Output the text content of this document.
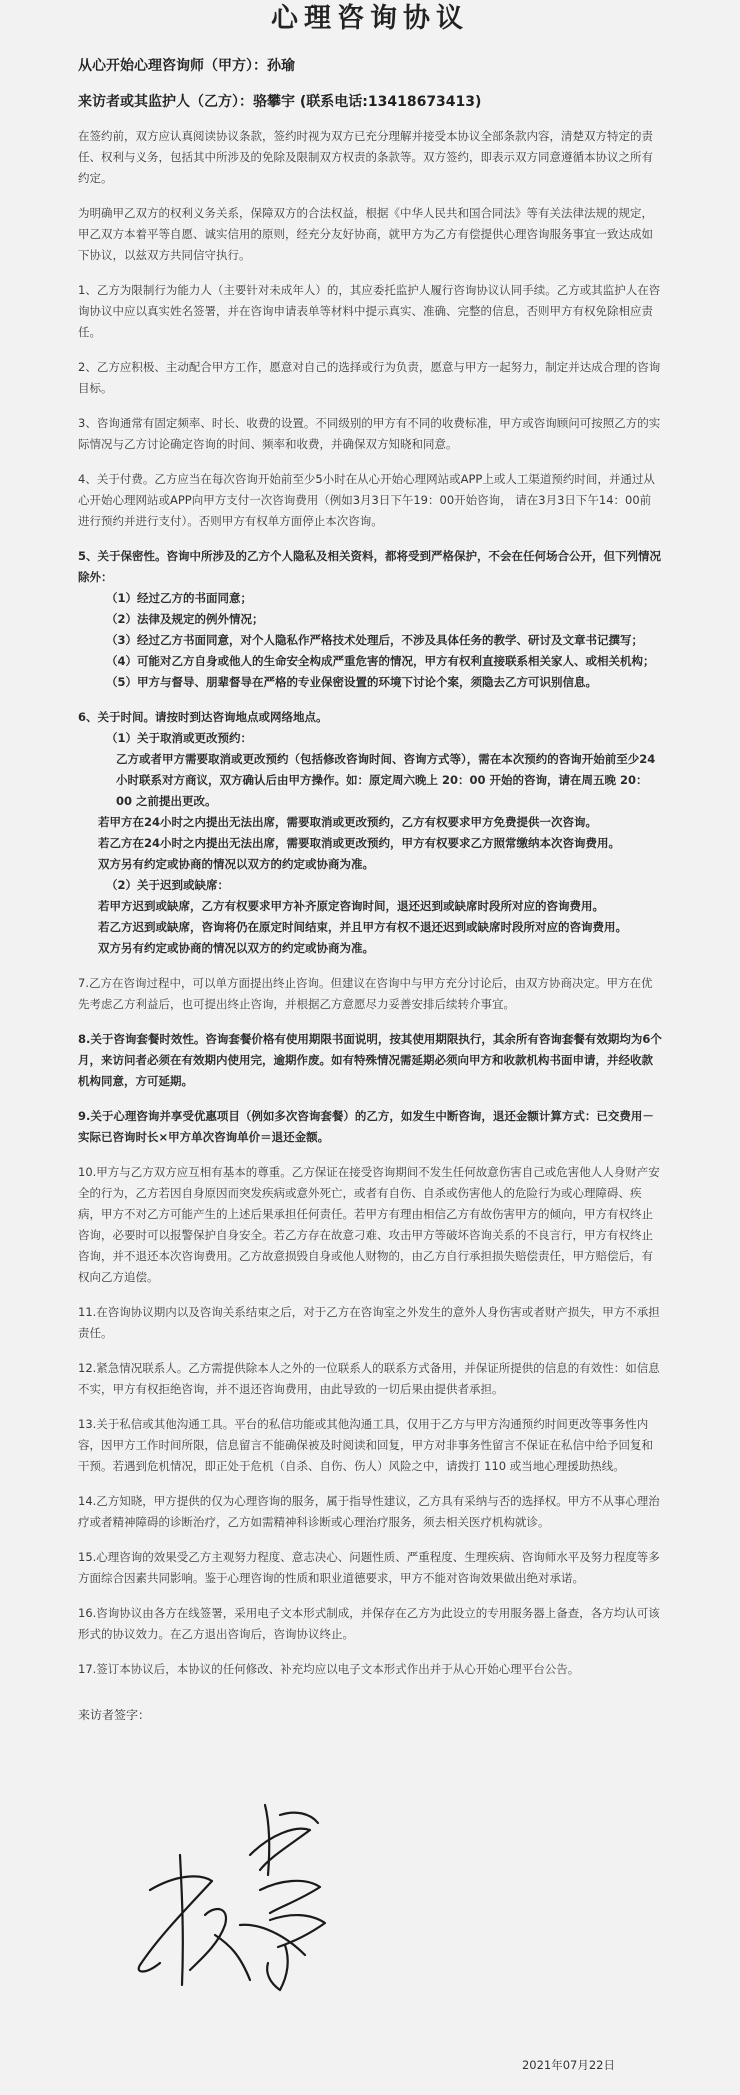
心理咨询协议

从心开始心理咨询师（甲方）：孙瑜

来访者或其监护人（乙方）：骆攀宇 (联系电话:13418673413)

在签约前，双方应认真阅读协议条款，签约时视为双方已充分理解并接受本协议全部条款内容，清楚双方特定的责任、权利与义务，包括其中所涉及的免除及限制双方权责的条款等。双方签约，即表示双方同意遵循本协议之所有约定。

为明确甲乙双方的权利义务关系，保障双方的合法权益，根据《中华人民共和国合同法》等有关法律法规的规定，甲乙双方本着平等自愿、诚实信用的原则，经充分友好协商，就甲方为乙方有偿提供心理咨询服务事宜一致达成如下协议，以兹双方共同信守执行。

1、乙方为限制行为能力人（主要针对未成年人）的，其应委托监护人履行咨询协议认同手续。乙方或其监护人在咨询协议中应以真实姓名签署，并在咨询申请表单等材料中提示真实、准确、完整的信息，否则甲方有权免除相应责任。

2、乙方应积极、主动配合甲方工作，愿意对自己的选择或行为负责，愿意与甲方一起努力，制定并达成合理的咨询目标。

3、咨询通常有固定频率、时长、收费的设置。不同级别的甲方有不同的收费标准，甲方或咨询顾问可按照乙方的实际情况与乙方讨论确定咨询的时间、频率和收费，并确保双方知晓和同意。

4、关于付费。乙方应当在每次咨询开始前至少5小时在从心开始心理网站或APP上或人工渠道预约时间，并通过从心开始心理网站或APP向甲方支付一次咨询费用（例如3月3日下午19：00开始咨询， 请在3月3日下午14：00前进行预约并进行支付）。否则甲方有权单方面停止本次咨询。

5、关于保密性。咨询中所涉及的乙方个人隐私及相关资料，都将受到严格保护，不会在任何场合公开，但下列情况除外：

（1）经过乙方的书面同意；

（2）法律及规定的例外情况；

（3）经过乙方书面同意，对个人隐私作严格技术处理后，不涉及具体任务的教学、研讨及文章书记撰写；

（4）可能对乙方自身或他人的生命安全构成严重危害的情况，甲方有权利直接联系相关家人、或相关机构；

（5）甲方与督导、朋辈督导在严格的专业保密设置的环境下讨论个案，须隐去乙方可识别信息。

6、关于时间。请按时到达咨询地点或网络地点。

（1）关于取消或更改预约：

乙方或者甲方需要取消或更改预约（包括修改咨询时间、咨询方式等），需在本次预约的咨询开始前至少24小时联系对方商议，双方确认后由甲方操作。如：原定周六晚上 20：00 开始的咨询，请在周五晚 20：00 之前提出更改。

若甲方在24小时之内提出无法出席，需要取消或更改预约，乙方有权要求甲方免费提供一次咨询。

若乙方在24小时之内提出无法出席，需要取消或更改预约，甲方有权要求乙方照常缴纳本次咨询费用。

双方另有约定或协商的情况以双方的约定或协商为准。

（2）关于迟到或缺席：

若甲方迟到或缺席，乙方有权要求甲方补齐原定咨询时间，退还迟到或缺席时段所对应的咨询费用。

若乙方迟到或缺席，咨询将仍在原定时间结束，并且甲方有权不退还迟到或缺席时段所对应的咨询费用。

双方另有约定或协商的情况以双方的约定或协商为准。

7.乙方在咨询过程中，可以单方面提出终止咨询。但建议在咨询中与甲方充分讨论后，由双方协商决定。甲方在优先考虑乙方利益后，也可提出终止咨询，并根据乙方意愿尽力妥善安排后续转介事宜。

8.关于咨询套餐时效性。咨询套餐价格有使用期限书面说明，按其使用期限执行，其余所有咨询套餐有效期均为6个月，来访问者必须在有效期内使用完，逾期作废。如有特殊情况需延期必须向甲方和收款机构书面申请，并经收款机构同意，方可延期。

9.关于心理咨询并享受优惠项目（例如多次咨询套餐）的乙方，如发生中断咨询，退还金额计算方式：已交费用－实际已咨询时长×甲方单次咨询单价＝退还金额。

10.甲方与乙方双方应互相有基本的尊重。乙方保证在接受咨询期间不发生任何故意伤害自己或危害他人人身财产安全的行为，乙方若因自身原因而突发疾病或意外死亡，或者有自伤、自杀或伤害他人的危险行为或心理障碍、疾病，甲方不对乙方可能产生的上述后果承担任何责任。若甲方有理由相信乙方有故伤害甲方的倾向，甲方有权终止咨询，必要时可以报警保护自身安全。若乙方存在故意刁难、攻击甲方等破坏咨询关系的不良言行，甲方有权终止咨询，并不退还本次咨询费用。乙方故意损毁自身或他人财物的，由乙方自行承担损失赔偿责任，甲方赔偿后，有权向乙方追偿。

11.在咨询协议期内以及咨询关系结束之后，对于乙方在咨询室之外发生的意外人身伤害或者财产损失，甲方不承担责任。

12.紧急情况联系人。乙方需提供除本人之外的一位联系人的联系方式备用，并保证所提供的信息的有效性：如信息不实，甲方有权拒绝咨询，并不退还咨询费用，由此导致的一切后果由提供者承担。

13.关于私信或其他沟通工具。平台的私信功能或其他沟通工具，仅用于乙方与甲方沟通预约时间更改等事务性内容，因甲方工作时间所限，信息留言不能确保被及时阅读和回复，甲方对非事务性留言不保证在私信中给予回复和干预。若遇到危机情况，即正处于危机（自杀、自伤、伤人）风险之中，请拨打 110 或当地心理援助热线。

14.乙方知晓，甲方提供的仅为心理咨询的服务，属于指导性建议，乙方具有采纳与否的选择权。甲方不从事心理治疗或者精神障碍的诊断治疗，乙方如需精神科诊断或心理治疗服务，须去相关医疗机构就诊。

15.心理咨询的效果受乙方主观努力程度、意志决心、问题性质、严重程度、生理疾病、咨询师水平及努力程度等多方面综合因素共同影响。鉴于心理咨询的性质和职业道德要求，甲方不能对咨询效果做出绝对承诺。

16.咨询协议由各方在线签署，采用电子文本形式制成，并保存在乙方为此设立的专用服务器上备查，各方均认可该形式的协议效力。在乙方退出咨询后，咨询协议终止。

17.签订本协议后，本协议的任何修改、补充均应以电子文本形式作出并于从心开始心理平台公告。

来访者签字：

2021年07月22日
